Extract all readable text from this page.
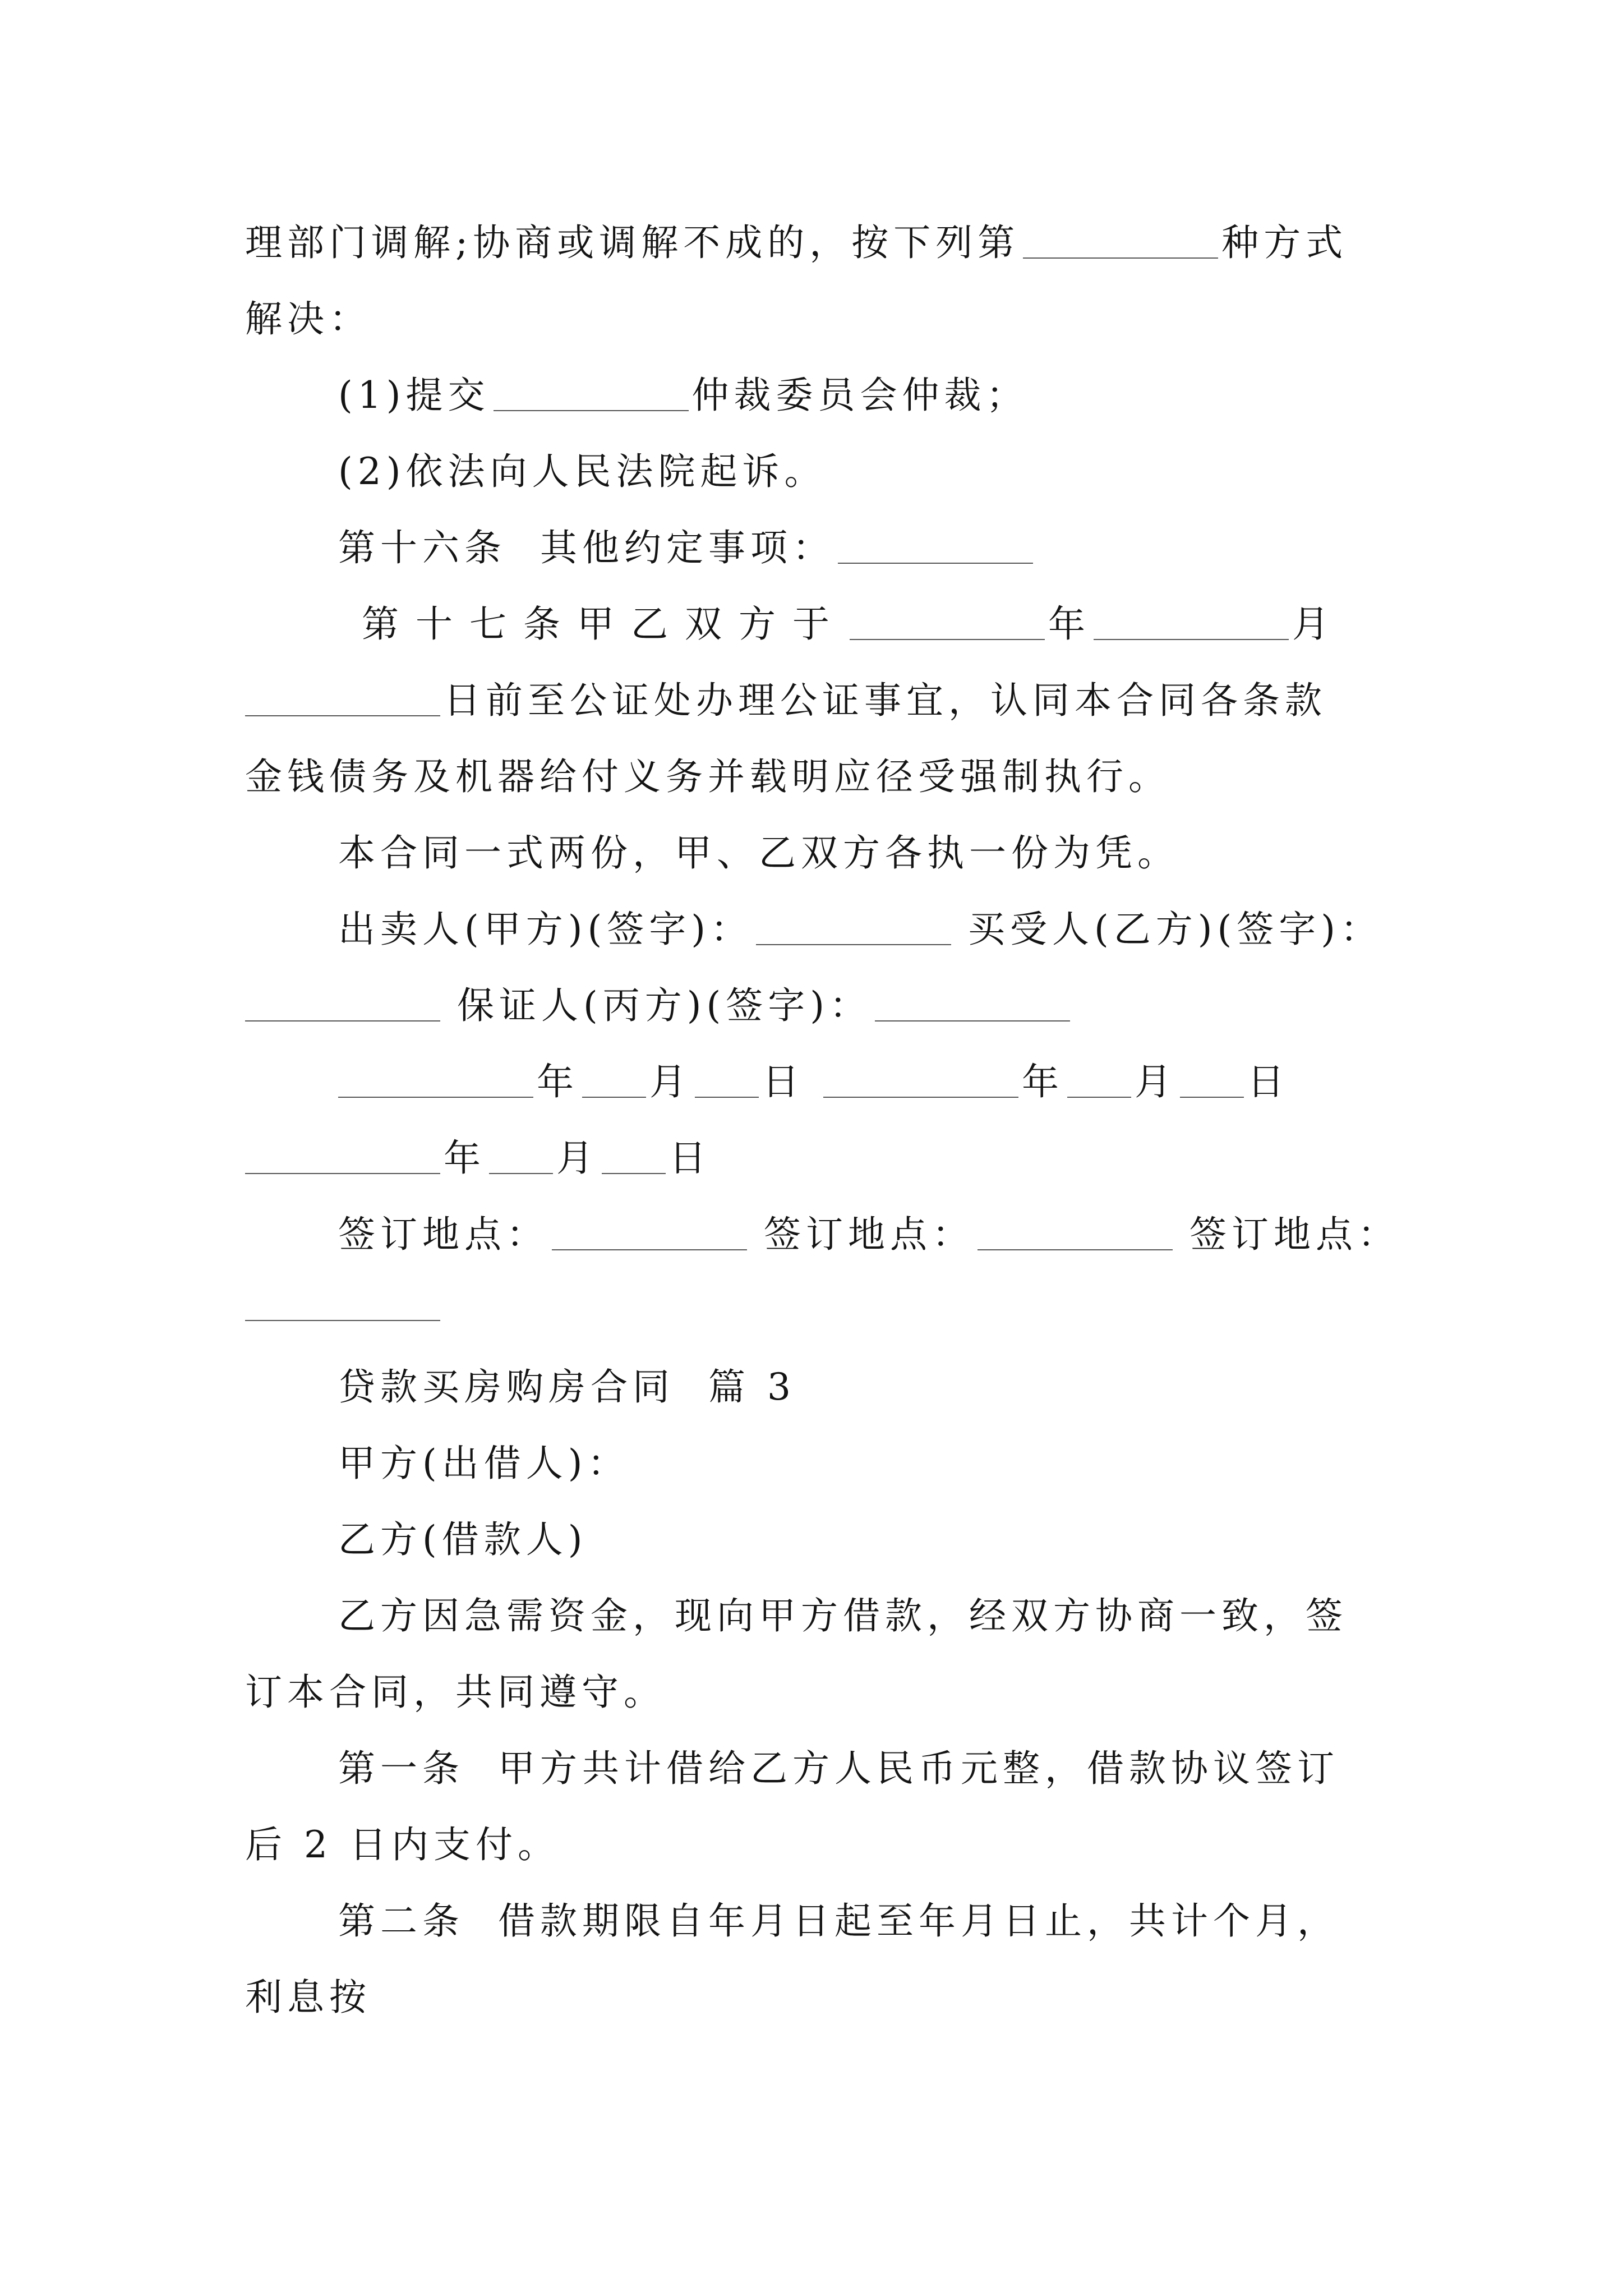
理部门调解;协商或调解不成的，按下列第	种方式
解决：
(1)提交	仲裁委员会仲裁；
(2)依法向人民法院起诉。
第十六条  其他约定事项：
第十七条甲乙双方于	年	月
日前至公证处办理公证事宜，认同本合同各条款
金钱债务及机器给付义务并载明应径受强制执行。
本合同一式两份，甲、乙双方各执一份为凭。
出卖人(甲方)(签字)：	买受人(乙方)(签字)：
保证人(丙方)(签字)：
年 月 日	年 月 日
年 月 日
签订地点：	签订地点：	签订地点：
贷款买房购房合同  篇 3
甲方(出借人)：
乙方(借款人)
乙方因急需资金，现向甲方借款，经双方协商一致，签
订本合同，共同遵守。
第一条  甲方共计借给乙方人民币元整，借款协议签订
后 2 日内支付。
第二条  借款期限自年月日起至年月日止，共计个月，
利息按
